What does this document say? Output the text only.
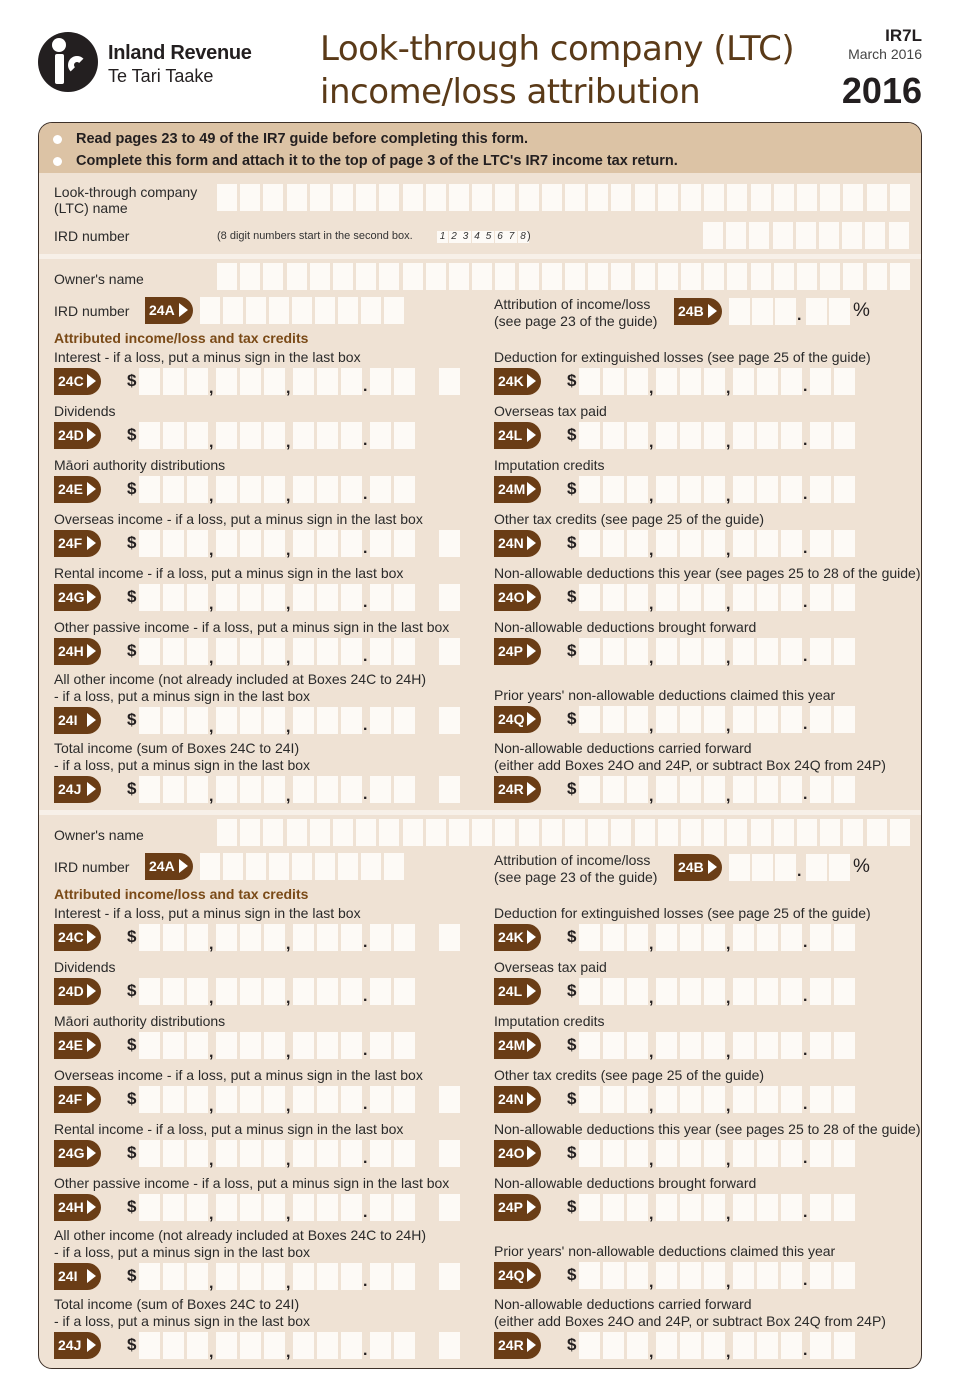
Inland Revenue
Te Tari Taake
Look-through company (LTC)
income/loss attribution
IR7L
March 2016
2016
Read pages 23 to 49 of the IR7 guide before completing this form.
Complete this form and attach it to the top of page 3 of the LTC's IR7 income tax return.
Look-through company
(LTC) name
IRD number	(8 digit numbers start in the second box.	1 2 3 4 5 6 7 8 )
Owner's name
IRD number 24A	Attribution of income/loss
(see page 23 of the guide)
24B	.	%
Attributed income/loss and tax credits
Interest - if a loss, put a minus sign in the last box
24C	$	,	,	.
Dividends
24D	$	,	,	.
Māori authority distributions
24E	$	,	,	.
Overseas income - if a loss, put a minus sign in the last box
24F	$	,	,	.
Rental income - if a loss, put a minus sign in the last box
24G	$	,	,	.
Other passive income - if a loss, put a minus sign in the last box
24H	$	,	,	.
All other income (not already included at Boxes 24C to 24H)
- if a loss, put a minus sign in the last box
24I	$	,	,	.
Total income (sum of Boxes 24C to 24I)
- if a loss, put a minus sign in the last box
24J	$	,	,	.
Deduction for extinguished losses (see page 25 of the guide)
24K	$	,	,	.
Overseas tax paid
24L	$	,	,	.
Imputation credits
24M	$	,	,	.
Other tax credits (see page 25 of the guide)
24N	$	,	,	.
Non-allowable deductions this year (see pages 25 to 28 of the guide)
24O	$	,	,	.
Non-allowable deductions brought forward
24P	$	,	,	.
Prior years' non-allowable deductions claimed this year
24Q	$	,	,	.
Non-allowable deductions carried forward
(either add Boxes 24O and 24P, or subtract Box 24Q from 24P)
24R	$	,	,	.
Owner's name
IRD number 24A	Attribution of income/loss
(see page 23 of the guide)
24B	.	%
Attributed income/loss and tax credits
Interest - if a loss, put a minus sign in the last box
24C	$	,	,	.
Dividends
24D	$	,	,	.
Māori authority distributions
24E	$	,	,	.
Overseas income - if a loss, put a minus sign in the last box
24F	$	,	,	.
Rental income - if a loss, put a minus sign in the last box
24G	$	,	,	.
Other passive income - if a loss, put a minus sign in the last box
24H	$	,	,	.
All other income (not already included at Boxes 24C to 24H)
- if a loss, put a minus sign in the last box
24I	$	,	,	.
Total income (sum of Boxes 24C to 24I)
- if a loss, put a minus sign in the last box
24J	$	,	,	.
Deduction for extinguished losses (see page 25 of the guide)
24K	$	,	,	.
Overseas tax paid
24L	$	,	,	.
Imputation credits
24M	$	,	,	.
Other tax credits (see page 25 of the guide)
24N	$	,	,	.
Non-allowable deductions this year (see pages 25 to 28 of the guide)
24O	$	,	,	.
Non-allowable deductions brought forward
24P	$	,	,	.
Prior years' non-allowable deductions claimed this year
24Q	$	,	,	.
Non-allowable deductions carried forward
(either add Boxes 24O and 24P, or subtract Box 24Q from 24P)
24R	$	,	,	.
